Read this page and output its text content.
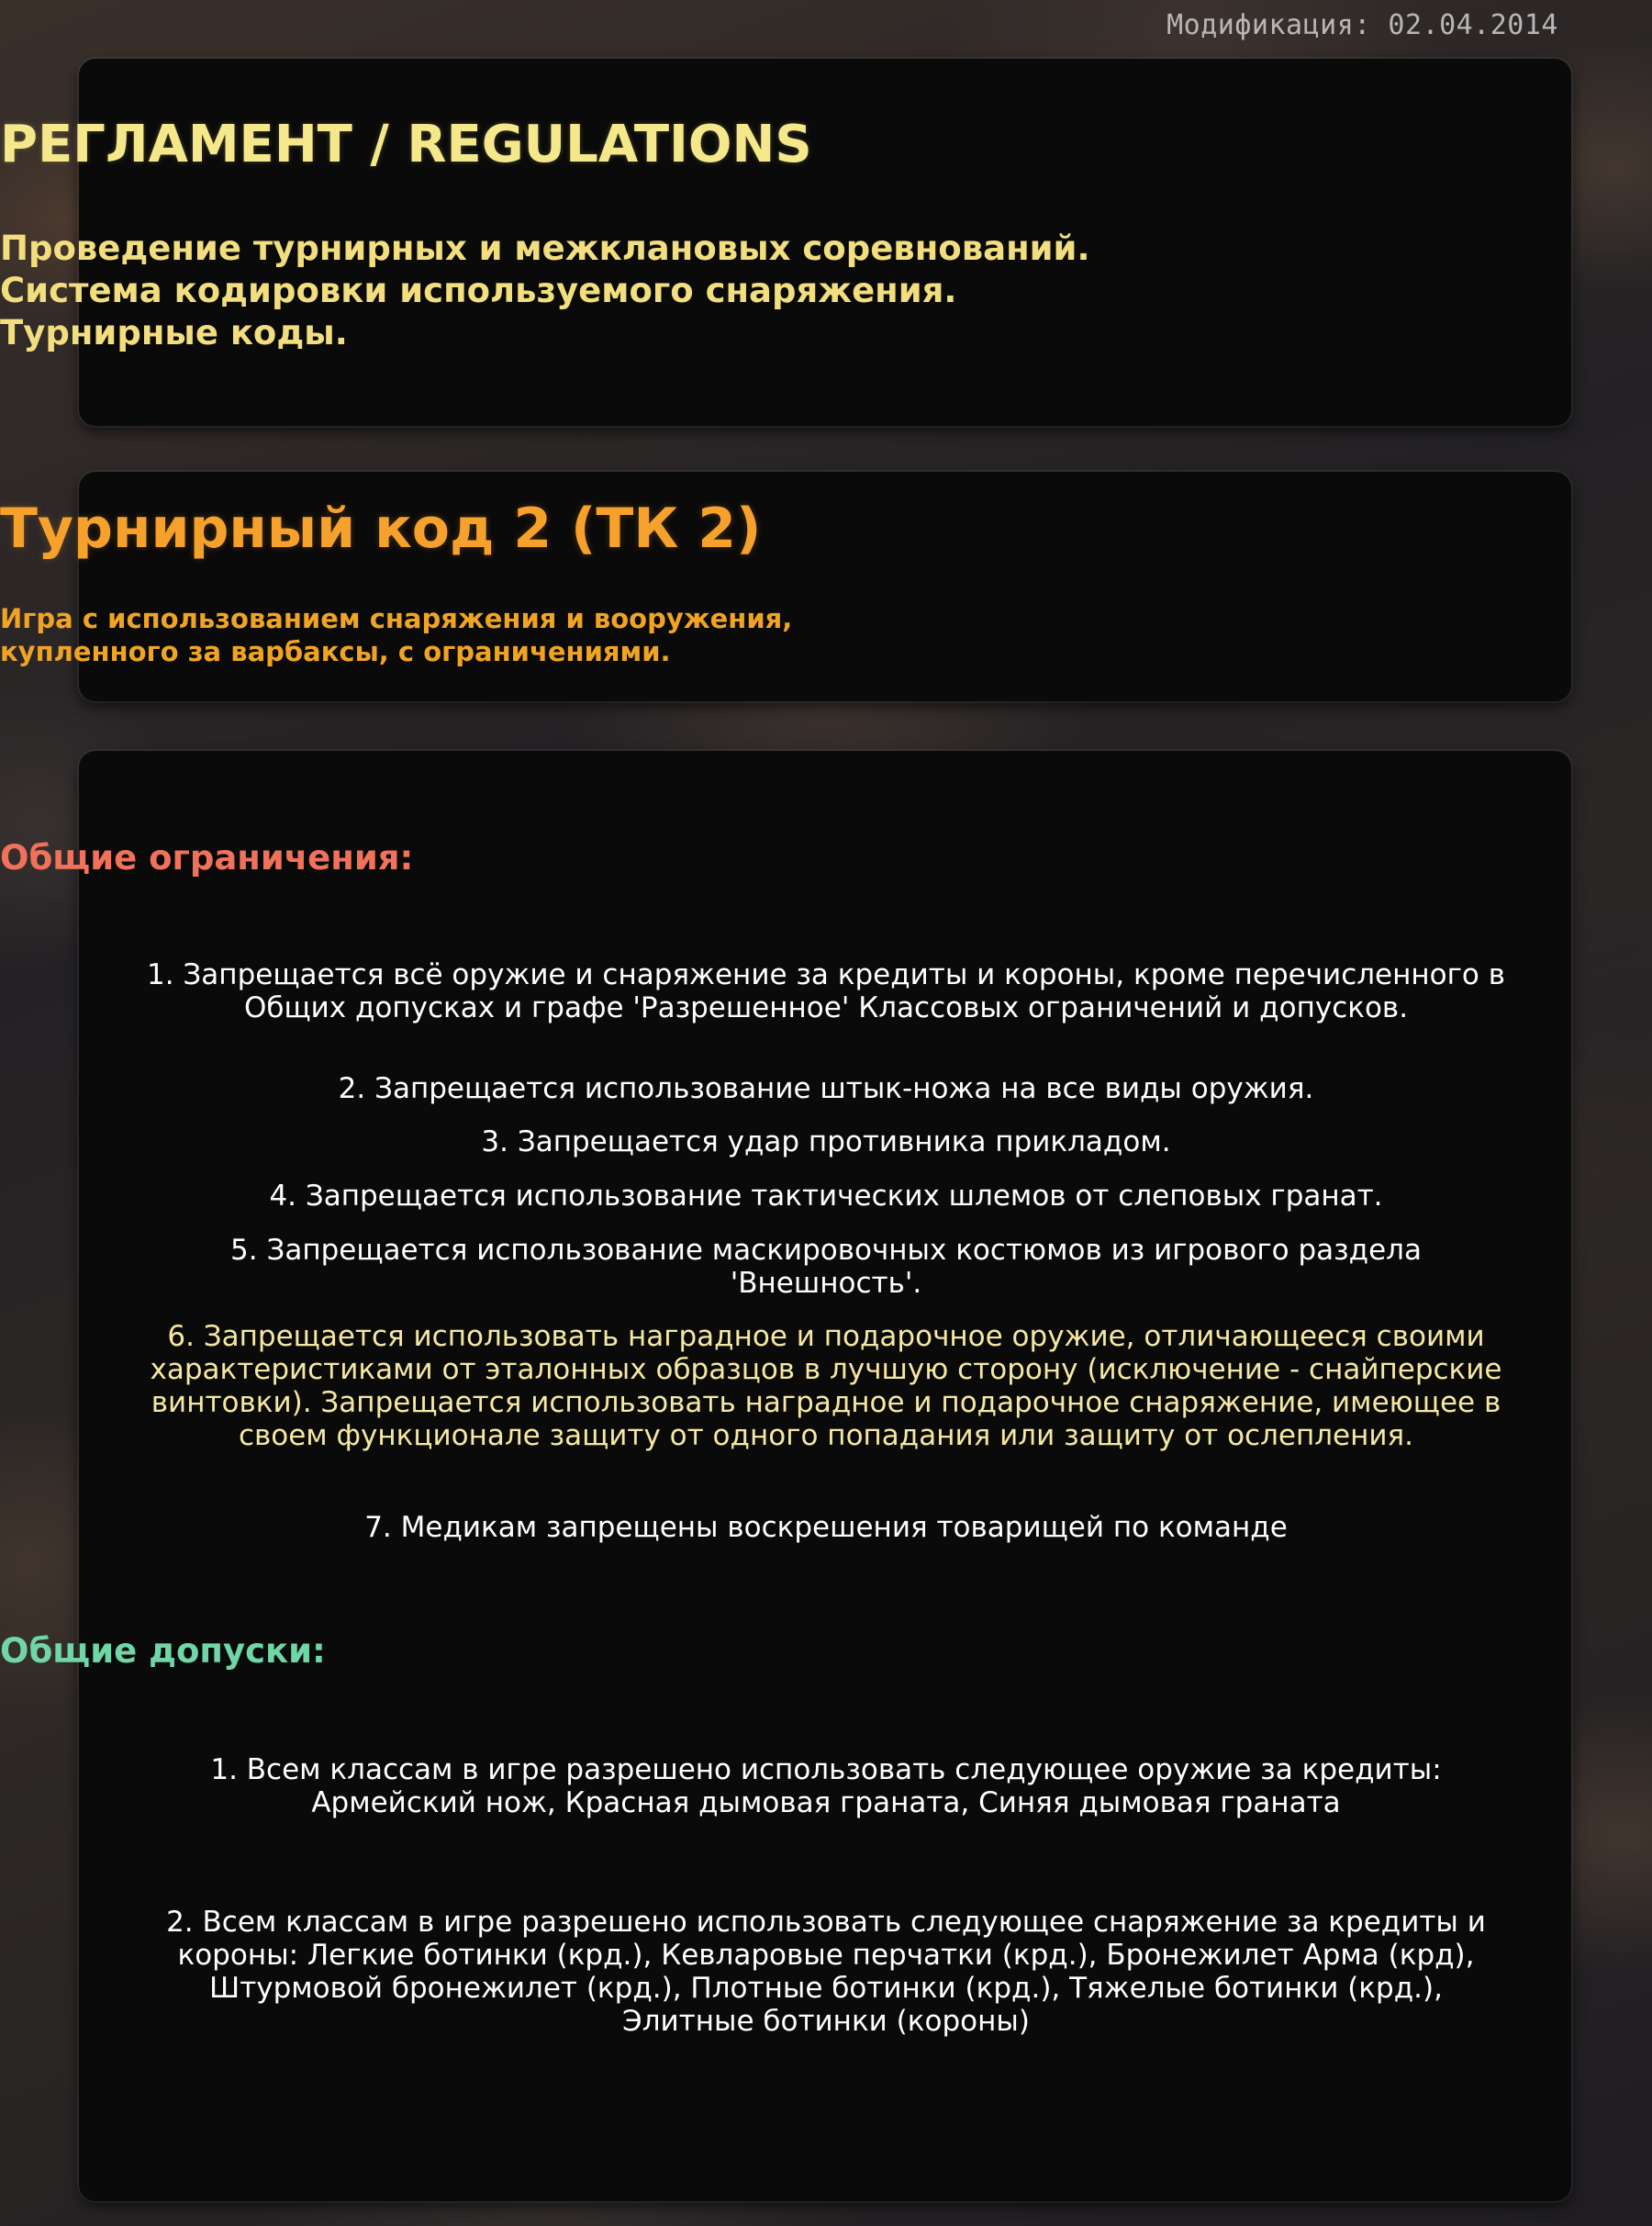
Модификация: 02.04.2014
РЕГЛАМЕНТ / REGULATIONS
Проведение турнирных и межклановых соревнований.
Система кодировки используемого снаряжения.
Турнирные коды.
Турнирный код 2 (ТК 2)
Игра с использованием снаряжения и вооружения,
купленного за варбаксы, с ограничениями.
Общие ограничения:
1. Запрещается всё оружие и снаряжение за кредиты и короны, кроме перечисленного в Общих допусках и графе 'Разрешенное' Классовых ограничений и допусков.
2. Запрещается использование штык-ножа на все виды оружия.
3. Запрещается удар противника прикладом.
4. Запрещается использование тактических шлемов от слеповых гранат.
5. Запрещается использование маскировочных костюмов из игрового раздела 'Внешность'.
6. Запрещается использовать наградное и подарочное оружие, отличающееся своими характеристиками от эталонных образцов в лучшую сторону (исключение - снайперские винтовки). Запрещается использовать наградное и подарочное снаряжение, имеющее в своем функционале защиту от одного попадания или защиту от ослепления.
7. Медикам запрещены воскрешения товарищей по команде
Общие допуски:
1. Всем классам в игре разрешено использовать следующее оружие за кредиты: Армейский нож, Красная дымовая граната, Синяя дымовая граната
2. Всем классам в игре разрешено использовать следующее снаряжение за кредиты и короны: Легкие ботинки (крд.), Кевларовые перчатки (крд.), Бронежилет Арма (крд), Штурмовой бронежилет (крд.), Плотные ботинки (крд.), Тяжелые ботинки (крд.), Элитные ботинки (короны)
